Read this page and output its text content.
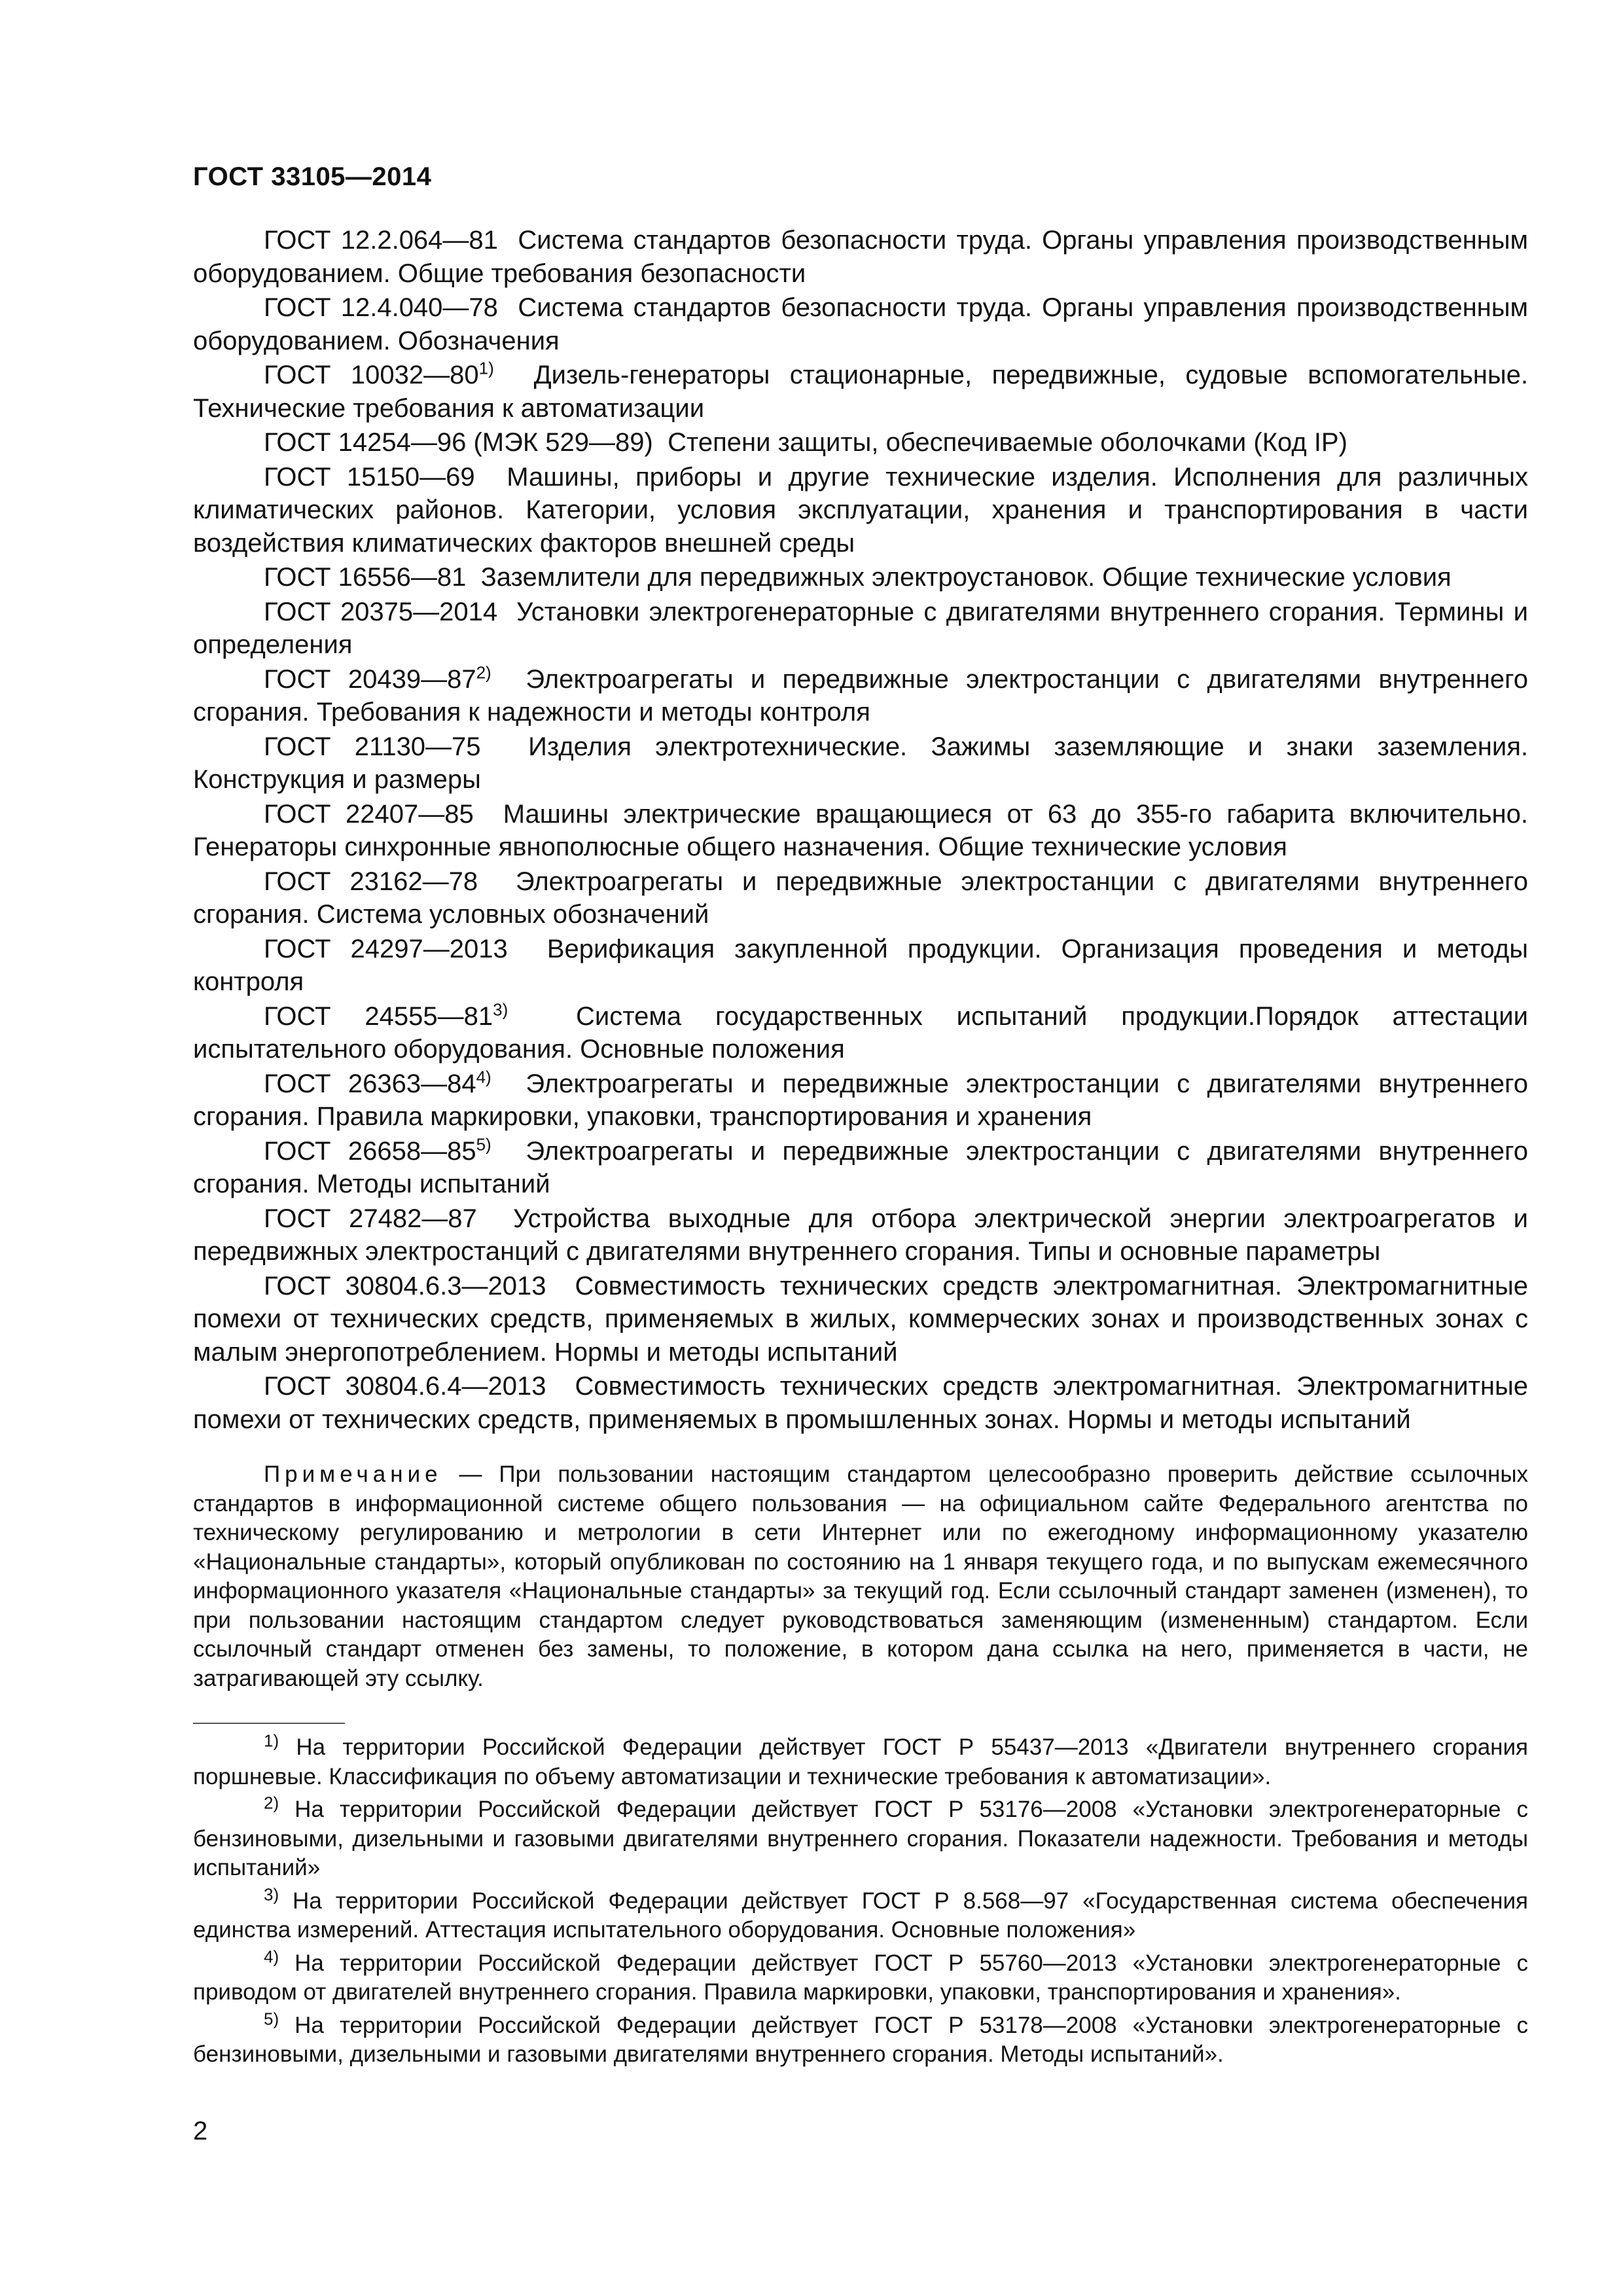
ГОСТ 33105—2014

ГОСТ 12.2.064—81 Система стандартов безопасности труда. Органы управления производственным оборудованием. Общие требования безопасности

ГОСТ 12.4.040—78 Система стандартов безопасности труда. Органы управления производственным оборудованием. Обозначения

ГОСТ 10032—80$^{1)}$ Дизель-генераторы стационарные, передвижные, судовые вспомогательные. Технические требования к автоматизации

ГОСТ 14254—96 (МЭК 529—89) Степени защиты, обеспечиваемые оболочками (Код IP)

ГОСТ 15150—69 Машины, приборы и другие технические изделия. Исполнения для различных климатических районов. Категории, условия эксплуатации, хранения и транспортирования в части воздействия климатических факторов внешней среды

ГОСТ 16556—81 Заземлители для передвижных электроустановок. Общие технические условия

ГОСТ 20375—2014 Установки электрогенераторные с двигателями внутреннего сгорания. Термины и определения

ГОСТ 20439—87$^{2)}$ Электроагрегаты и передвижные электростанции с двигателями внутреннего сгорания. Требования к надежности и методы контроля

ГОСТ 21130—75 Изделия электротехнические. Зажимы заземляющие и знаки заземления. Конструкция и размеры

ГОСТ 22407—85 Машины электрические вращающиеся от 63 до 355-го габарита включительно. Генераторы синхронные явнополюсные общего назначения. Общие технические условия

ГОСТ 23162—78 Электроагрегаты и передвижные электростанции с двигателями внутреннего сгорания. Система условных обозначений

ГОСТ 24297—2013 Верификация закупленной продукции. Организация проведения и методы контроля

ГОСТ 24555—81$^{3)}$	Система государственных испытаний продукции.Порядок аттестации испытательного оборудования. Основные положения

ГОСТ 26363—84$^{4)}$ Электроагрегаты и передвижные электростанции с двигателями внутреннего сгорания. Правила маркировки, упаковки, транспортирования и хранения

ГОСТ 26658—85$^{5)}$ Электроагрегаты и передвижные электростанции с двигателями внутреннего сгорания. Методы испытаний

ГОСТ 27482—87 Устройства выходные для отбора электрической энергии электроагрегатов и передвижных электростанций с двигателями внутреннего сгорания. Типы и основные параметры

ГОСТ 30804.6.3—2013 Совместимость технических средств электромагнитная. Электромагнитные помехи от технических средств, применяемых в жилых, коммерческих зонах и производственных зонах с малым энергопотреблением. Нормы и методы испытаний

ГОСТ 30804.6.4—2013 Совместимость технических средств электромагнитная. Электромагнитные помехи от технических средств, применяемых в промышленных зонах. Нормы и методы испытаний

Примечание — При пользовании настоящим стандартом целесообразно проверить действие ссылочных стандартов в информационной системе общего пользования — на официальном сайте Федерального агентства по техническому регулированию и метрологии в сети Интернет или по ежегодному информационному указателю «Национальные стандарты», который опубликован по состоянию на 1 января текущего года, и по выпускам ежемесячного информационного указателя «Национальные стандарты» за текущий год. Если ссылочный стандарт заменен (изменен), то при пользовании настоящим стандартом следует руководствоваться заменяющим (измененным) стандартом. Если ссылочный стандарт отменен без замены, то положение, в котором дана ссылка на него, применяется в части, не затрагивающей эту ссылку.

$^{1)}$ На территории Российской Федерации действует ГОСТ Р 55437—2013 «Двигатели внутреннего сгорания поршневые. Классификация по объему автоматизации и технические требования к автоматизации».

$^{2)}$ На территории Российской Федерации действует ГОСТ Р 53176—2008 «Установки электрогенераторные с бензиновыми, дизельными и газовыми двигателями внутреннего сгорания. Показатели надежности. Требования и методы испытаний»

$^{3)}$ На территории Российской Федерации действует ГОСТ Р 8.568—97 «Государственная система обеспечения единства измерений. Аттестация испытательного оборудования. Основные положения»

$^{4)}$ На территории Российской Федерации действует ГОСТ Р 55760—2013 «Установки электрогенераторные с приводом от двигателей внутреннего сгорания. Правила маркировки, упаковки, транспортирования и хранения».

$^{5)}$ На территории Российской Федерации действует ГОСТ Р 53178—2008 «Установки электрогенераторные с бензиновыми, дизельными и газовыми двигателями внутреннего сгорания. Методы испытаний».

2
